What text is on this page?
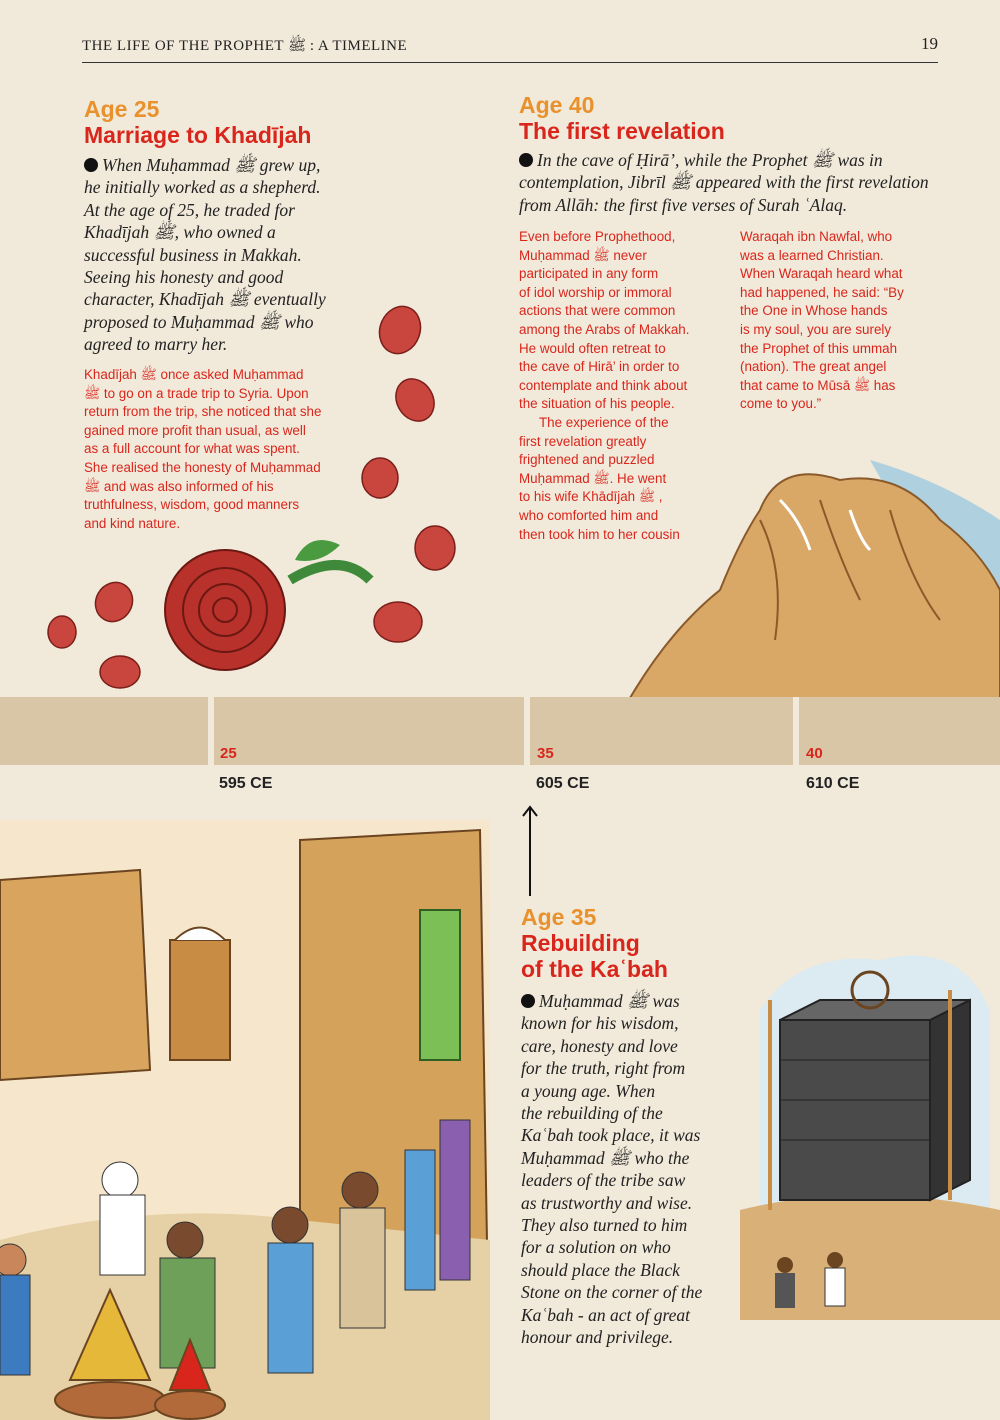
THE LIFE OF THE PROPHET ﷺ : A TIMELINE	19
Age 25
Marriage to Khadījah
When Muḥammad ﷺ grew up,
he initially worked as a shepherd.
At the age of 25, he traded for
Khadījah ﷺ, who owned a
successful business in Makkah.
Seeing his honesty and good
character, Khadījah ﷺ eventually
proposed to Muḥammad ﷺ who
agreed to marry her.
Khadījah ﷺ once asked Muḥammad
ﷺ to go on a trade trip to Syria. Upon
return from the trip, she noticed that she
gained more profit than usual, as well
as a full account for what was spent.
She realised the honesty of Muḥammad
ﷺ and was also informed of his
truthfulness, wisdom, good manners
and kind nature.
Age 40
The first revelation
In the cave of Ḥirā’, while the Prophet ﷺ was in
contemplation, Jibrīl ﷺ appeared with the first revelation
from Allāh: the first five verses of Surah ʿAlaq.
Even before Prophethood,
Muḥammad ﷺ never
participated in any form
of idol worship or immoral
actions that were common
among the Arabs of Makkah.
He would often retreat to
the cave of Hirā’ in order to
contemplate and think about
the situation of his people.
The experience of the
first revelation greatly
frightened and puzzled
Muḥammad ﷺ. He went
to his wife Khādījah ﷺ ,
who comforted him and
then took him to her cousin
Waraqah ibn Nawfal, who
was a learned Christian.
When Waraqah heard what
had happened, he said: “By
the One in Whose hands
is my soul, you are surely
the Prophet of this ummah
(nation). The great angel
that came to Mūsā ﷺ has
come to you.”
25	35	40
595 CE	605 CE	610 CE
Age 35
Rebuilding
of the Kaʿbah
Muḥammad ﷺ was
known for his wisdom,
care, honesty and love
for the truth, right from
a young age. When
the rebuilding of the
Kaʿbah took place, it was
Muḥammad ﷺ who the
leaders of the tribe saw
as trustworthy and wise.
They also turned to him
for a solution on who
should place the Black
Stone on the corner of the
Kaʿbah - an act of great
honour and privilege.
